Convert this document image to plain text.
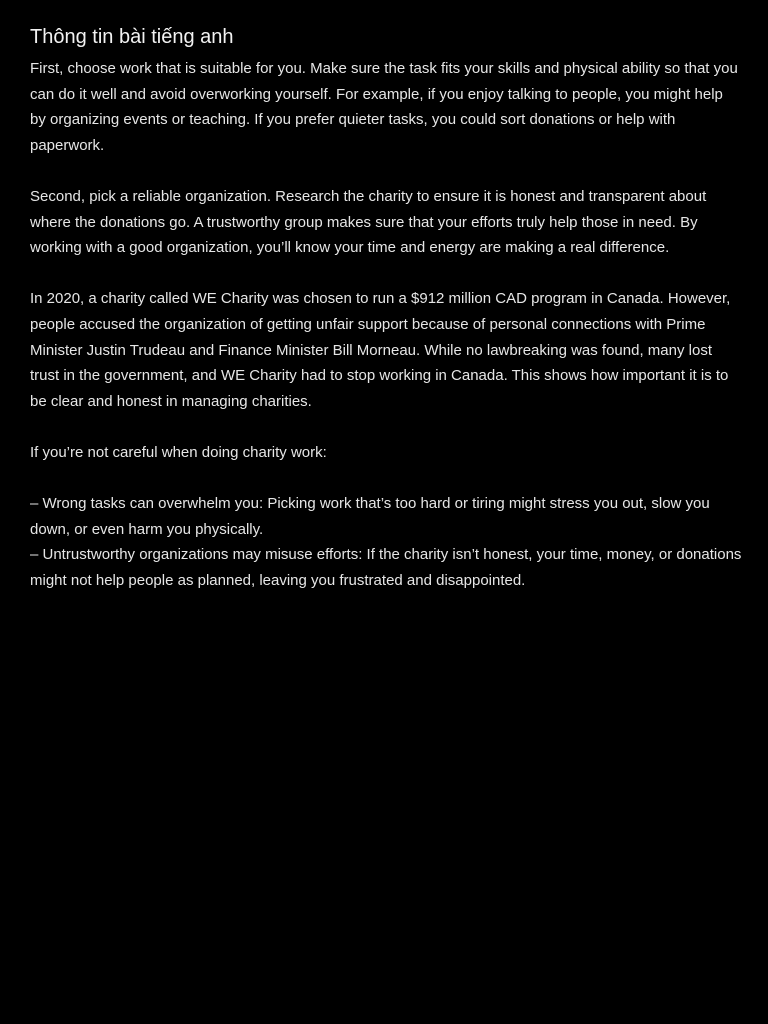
Thông tin bài tiếng anh

First, choose work that is suitable for you. Make sure the task fits your skills and physical ability so that you can do it well and avoid overworking yourself. For example, if you enjoy talking to people, you might help by organizing events or teaching. If you prefer quieter tasks, you could sort donations or help with paperwork.

Second, pick a reliable organization. Research the charity to ensure it is honest and transparent about where the donations go. A trustworthy group makes sure that your efforts truly help those in need. By working with a good organization, you’ll know your time and energy are making a real difference.

In 2020, a charity called WE Charity was chosen to run a $912 million CAD program in Canada. However, people accused the organization of getting unfair support because of personal connections with Prime Minister Justin Trudeau and Finance Minister Bill Morneau. While no lawbreaking was found, many lost trust in the government, and WE Charity had to stop working in Canada. This shows how important it is to be clear and honest in managing charities.

If you’re not careful when doing charity work:

– Wrong tasks can overwhelm you: Picking work that’s too hard or tiring might stress you out, slow you down, or even harm you physically.

– Untrustworthy organizations may misuse efforts: If the charity isn’t honest, your time, money, or donations might not help people as planned, leaving you frustrated and disappointed.
